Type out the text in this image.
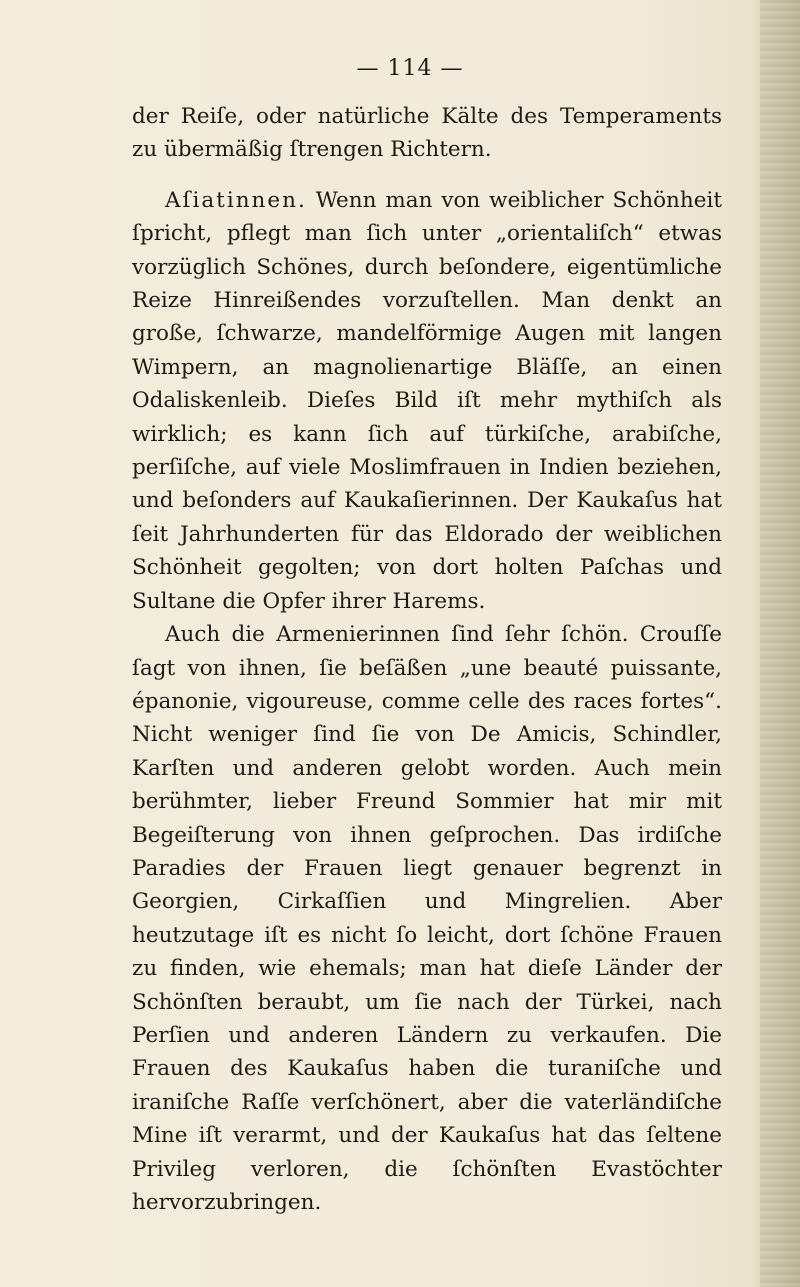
— 114 —

der Reiſe, oder natürliche Kälte des Temperaments zu übermäßig ſtrengen Richtern.

Aſiatinnen. Wenn man von weiblicher Schönheit ſpricht, pflegt man ſich unter „orientaliſch“ etwas vorzüglich Schönes, durch beſondere, eigentümliche Reize Hinreißendes vorzuſtellen. Man denkt an große, ſchwarze, mandelförmige Augen mit langen Wimpern, an magnolienartige Bläſſe, an einen Odaliskenleib. Dieſes Bild iſt mehr mythiſch als wirklich; es kann ſich auf türkiſche, arabiſche, perſiſche, auf viele Moslimfrauen in Indien beziehen, und beſonders auf Kaukaſierinnen. Der Kaukaſus hat ſeit Jahrhunderten für das Eldorado der weiblichen Schönheit gegolten; von dort holten Paſchas und Sultane die Opfer ihrer Harems.

Auch die Armenierinnen ſind ſehr ſchön. Crouſſe ſagt von ihnen, ſie beſäßen „une beauté puissante, épanonie, vigoureuse, comme celle des races fortes“. Nicht weniger ſind ſie von De Amicis, Schindler, Karſten und anderen gelobt worden. Auch mein berühmter, lieber Freund Sommier hat mir mit Begeiſterung von ihnen geſprochen. Das irdiſche Paradies der Frauen liegt genauer begrenzt in Georgien, Cirkaſſien und Mingrelien. Aber heutzutage iſt es nicht ſo leicht, dort ſchöne Frauen zu finden, wie ehemals; man hat dieſe Länder der Schönſten beraubt, um ſie nach der Türkei, nach Perſien und anderen Ländern zu verkaufen. Die Frauen des Kaukaſus haben die turaniſche und iraniſche Raſſe verſchönert, aber die vaterländiſche Mine iſt verarmt, und der Kaukaſus hat das ſeltene Privileg verloren, die ſchönſten Evastöchter hervorzubringen.
